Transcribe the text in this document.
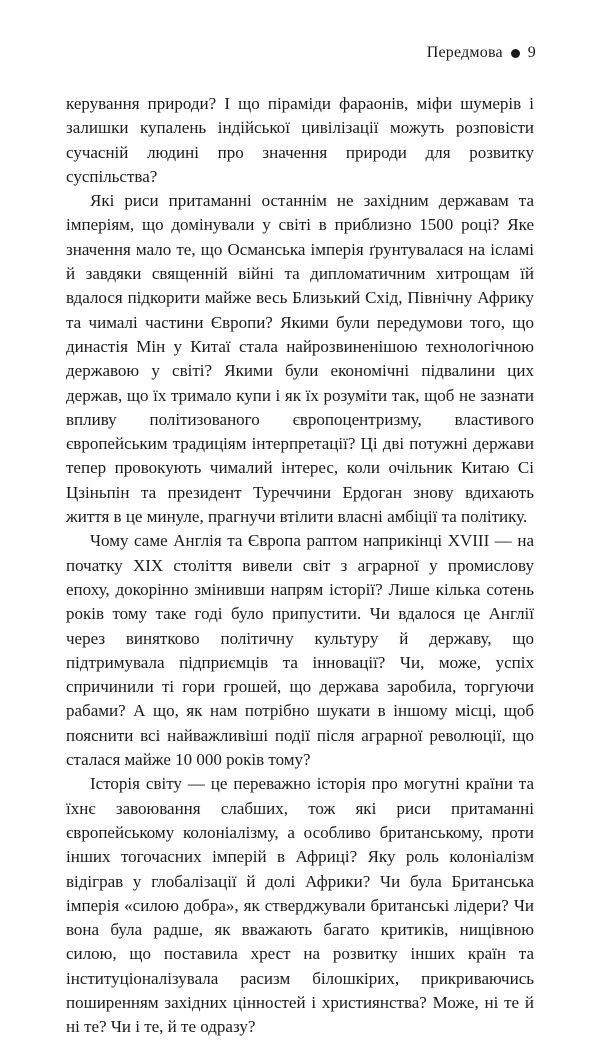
Передмова 9

керування природи? І що піраміди фараонів, міфи шумерів і залишки купалень індійської цивілізації можуть розповісти сучасній людині про значення природи для розвитку суспільства?

Які риси притаманні останнім не західним державам та імперіям, що домінували у світі в приблизно 1500 році? Яке значення мало те, що Османська імперія ґрунтувалася на ісламі й завдяки священній війні та дипломатичним хитрощам їй вдалося підкорити майже весь Близький Схід, Північну Африку та чималі частини Європи? Якими були передумови того, що династія Мін у Китаї стала найрозвиненішою технологічною державою у світі? Якими були економічні підвалини цих держав, що їх тримало купи і як їх розуміти так, щоб не зазнати впливу політизованого європоцентризму, властивого європейським традиціям інтерпретації? Ці дві потужні держави тепер провокують чималий інтерес, коли очільник Китаю Сі Цзіньпін та президент Туреччини Ердоган знову вдихають життя в це минуле, прагнучи втілити власні амбіції та політику.

Чому саме Англія та Європа раптом наприкінці XVIII — на початку XIX століття вивели світ з аграрної у промислову епоху, докорінно змінивши напрям історії? Лише кілька сотень років тому таке годі було припустити. Чи вдалося це Англії через винятково політичну культуру й державу, що підтримувала підприємців та інновації? Чи, може, успіх спричинили ті гори грошей, що держава заробила, торгуючи рабами? А що, як нам потрібно шукати в іншому місці, щоб пояснити всі найважливіші події після аграрної революції, що сталася майже 10 000 років тому?

Історія світу — це переважно історія про могутні країни та їхнє завоювання слабших, тож які риси притаманні європейському колоніалізму, а особливо британському, проти інших тогочасних імперій в Африці? Яку роль колоніалізм відіграв у глобалізації й долі Африки? Чи була Британська імперія «силою добра», як стверджували британські лідери? Чи вона була радше, як вважають багато критиків, нищівною силою, що поставила хрест на розвитку інших країн та інституціоналізувала расизм білошкірих, прикриваючись поширенням західних цінностей і християнства? Може, ні те й ні те? Чи і те, й те одразу?
